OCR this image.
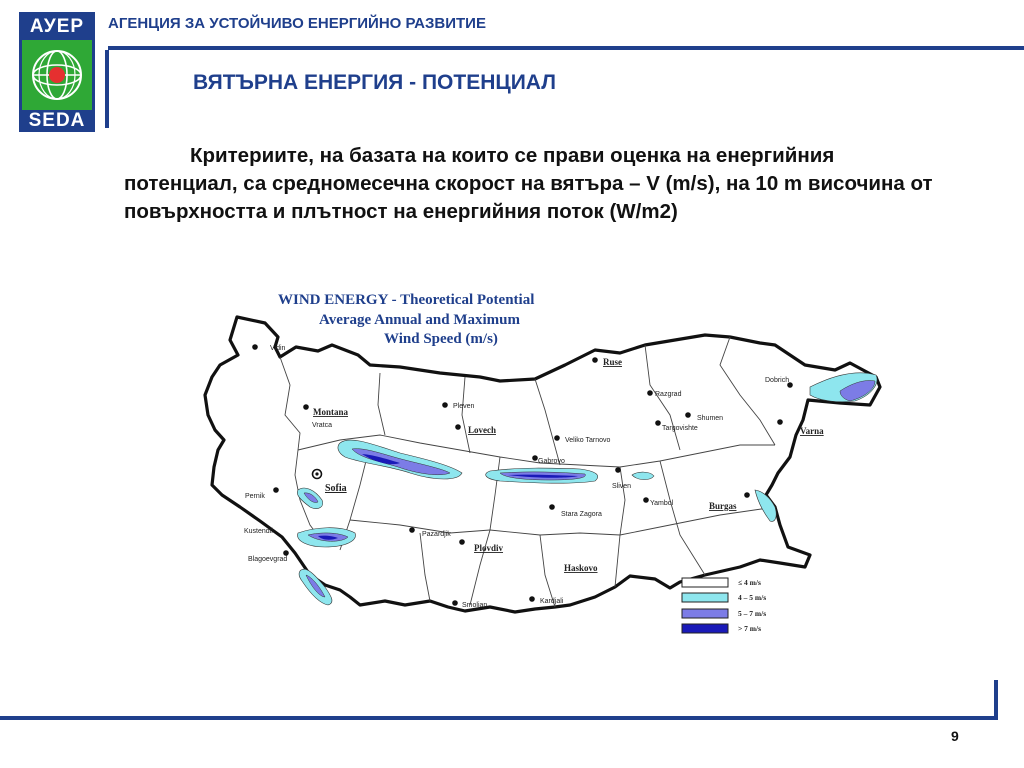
АУЕР
SEDA
АГЕНЦИЯ ЗА УСТОЙЧИВО ЕНЕРГИЙНО РАЗВИТИЕ
ВЯТЪРНА ЕНЕРГИЯ - ПОТЕНЦИАЛ

Критериите, на базата на които се прави оценка на енергийния потенциал, са средномесечна скорост на вятъра – V (m/s), на 10 m височина от повърхността и плътност на енергийния поток (W/m2)

WIND ENERGY - Theoretical Potential
Average Annual and Maximum
Wind Speed (m/s)
Vidin
Montana
Vratca
Pleven
Lovech
Ruse
Razgrad
Dobrich
Shumen
Targovishte	Varna
Veliko Tarnovo
Gabrovo
Sliven
Sofia
Pernik
Yambol	Burgas
Stara Zagora
Kustendil	Pazardjik
Plovdiv
Blagoevgrad
Haskovo
Smolian
Kardjali
≤ 4 m/s
4 – 5 m/s
5 – 7 m/s
> 7 m/s
9
